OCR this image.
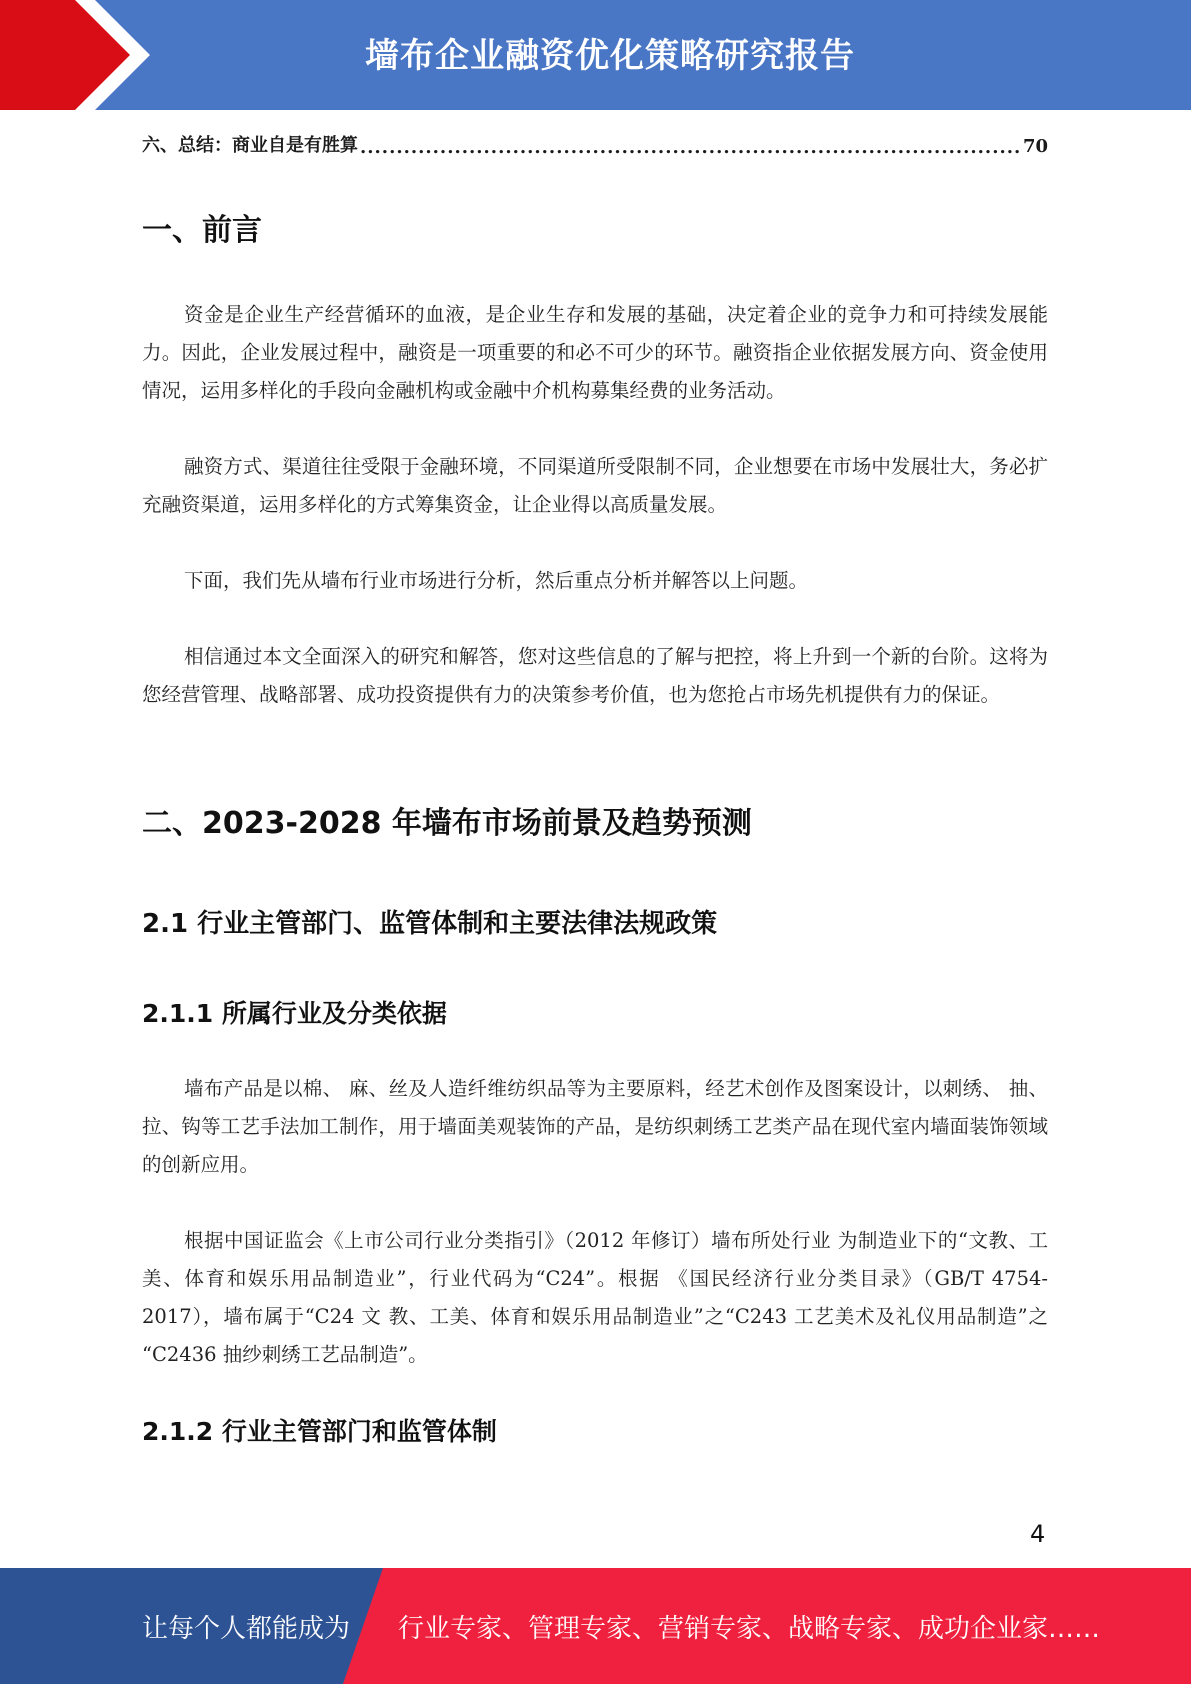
墙布企业融资优化策略研究报告
六、总结：商业自是有胜算
.....	70
一、前言

资金是企业生产经营循环的血液，是企业生存和发展的基础，决定着企业的竞争力和可持续发展能力。因此，企业发展过程中，融资是一项重要的和必不可少的环节。融资指企业依据发展方向、资金使用情况，运用多样化的手段向金融机构或金融中介机构募集经费的业务活动。

融资方式、渠道往往受限于金融环境，不同渠道所受限制不同，企业想要在市场中发展壮大，务必扩充融资渠道，运用多样化的方式筹集资金，让企业得以高质量发展。

下面，我们先从墙布行业市场进行分析，然后重点分析并解答以上问题。

相信通过本文全面深入的研究和解答，您对这些信息的了解与把控，将上升到一个新的台阶。这将为您经营管理、战略部署、成功投资提供有力的决策参考价值，也为您抢占市场先机提供有力的保证。

二、2023-2028 年墙布市场前景及趋势预测
2.1 行业主管部门、监管体制和主要法律法规政策
2.1.1 所属行业及分类依据

墙布产品是以棉、 麻、丝及人造纤维纺织品等为主要原料，经艺术创作及图案设计，以刺绣、 抽、拉、钩等工艺手法加工制作，用于墙面美观装饰的产品，是纺织刺绣工艺类产品在现代室内墙面装饰领域的创新应用。

根据中国证监会《上市公司行业分类指引》（2012 年修订）墙布所处行业 为制造业下的“文教、工美、体育和娱乐用品制造业”，行业代码为“C24”。根据 《国民经济行业分类目录》（GB/T 4754-2017），墙布属于“C24 文 教、工美、体育和娱乐用品制造业”之“C243 工艺美术及礼仪用品制造”之 “C2436 抽纱刺绣工艺品制造”。

2.1.2 行业主管部门和监管体制
4
让每个人都能成为 行业专家、管理专家、营销专家、战略专家、成功企业家……
